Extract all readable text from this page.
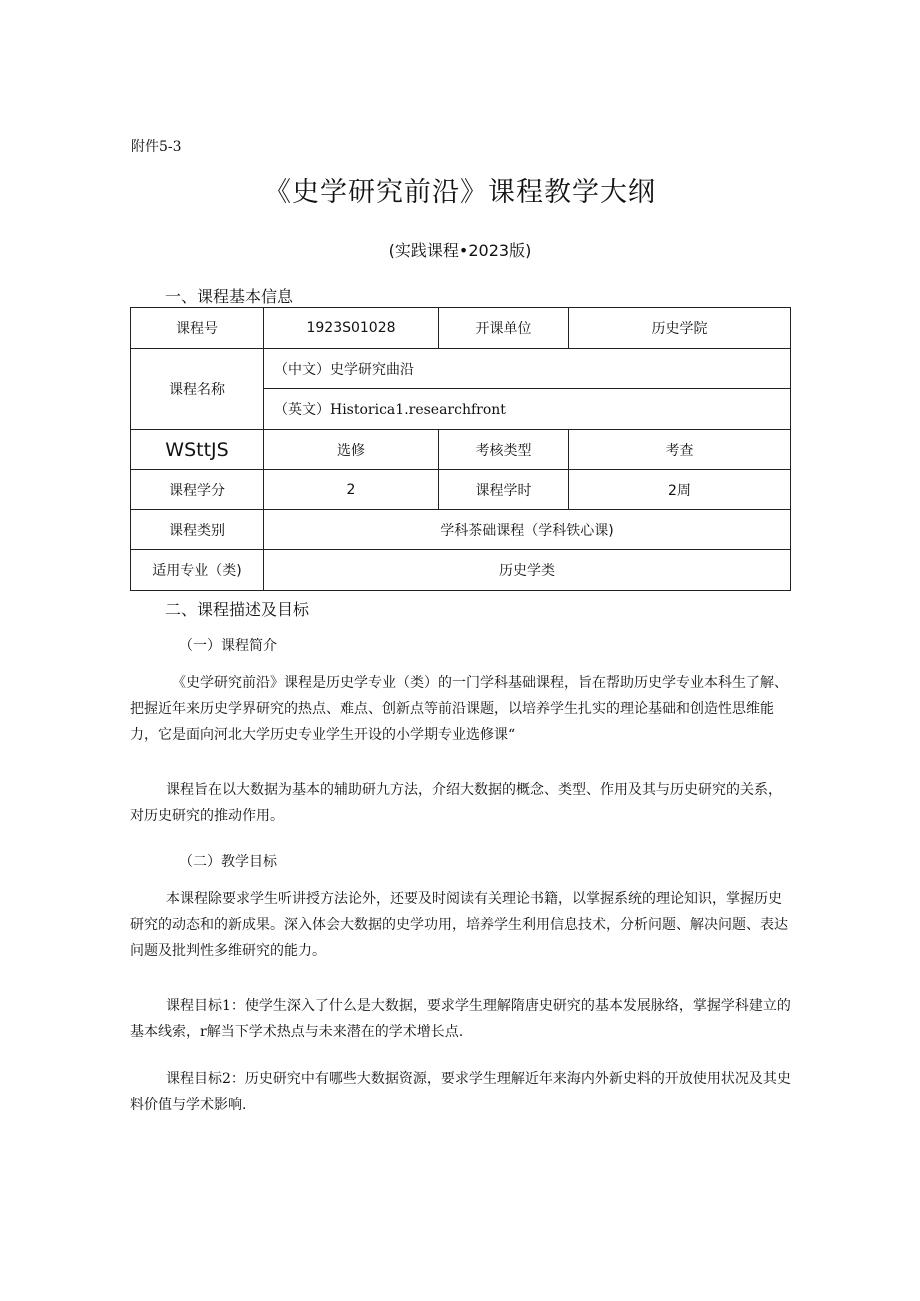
附件5-3
《史学研究前沿》课程教学大纲
(实践课程•2023版)
一、课程基本信息
课程号	1923S01028	开课单位	历史学院
课程名称	（中文）史学研究曲沿		
	（英文）Historica1.researchfront		
WSttJS	选修	考核类型	考查
课程学分	2	课程学时	2周
课程类别	学科茶础课程（学科铁心课)		
适用专业（类)	历史学类		
二、课程描述及目标
（一）课程简介
《史学研究前沿》课程是历史学专业（类）的一门学科基础课程，旨在帮助历史学专业本科生了解、把握近年来历史学界研究的热点、难点、创新点等前沿课题，以培养学生扎实的理论基础和创造性思维能力，它是面向河北大学历史专业学生开设的小学期专业选修课“
课程旨在以大数据为基本的辅助研九方法，介绍大数据的概念、类型、作用及其与历史研究的关系，对历史研究的推动作用。
（二）教学目标
本课程除要求学生听讲授方法论外，还要及时阅读有关理论书籍，以掌握系统的理论知识，掌握历史研究的动态和的新成果。深入体会大数据的史学功用，培养学生利用信息技术，分析问题、解决问题、表达问题及批判性多维研究的能力。
课程目标1：使学生深入了什么是大数据，要求学生理解隋唐史研究的基本发展脉络，掌握学科建立的基本线索，r解当下学术热点与未来潜在的学术增长点.
课程目标2：历史研究中有哪些大数据资源，要求学生理解近年来海内外新史料的开放使用状况及其史料价值与学术影响.
